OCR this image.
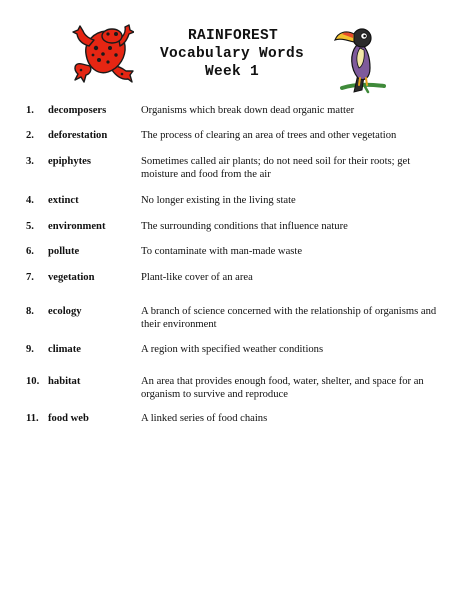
RAINFOREST
Vocabulary Words
Week 1
1. decomposers	Organisms which break down dead organic matter
2. deforestation	The process of clearing an area of trees and other vegetation
3. epiphytes	Sometimes called air plants; do not need soil for their roots; get moisture and food from the air
4. extinct	No longer existing in the living state
5. environment	The surrounding conditions that influence nature
6. pollute	To contaminate with man-made waste
7. vegetation	Plant-like cover of an area
8. ecology	A branch of science concerned with the relationship of organisms and their environment
9. climate	A region with specified weather conditions
10. habitat	An area that provides enough food, water, shelter, and space for an organism to survive and reproduce
11. food web	A linked series of food chains
